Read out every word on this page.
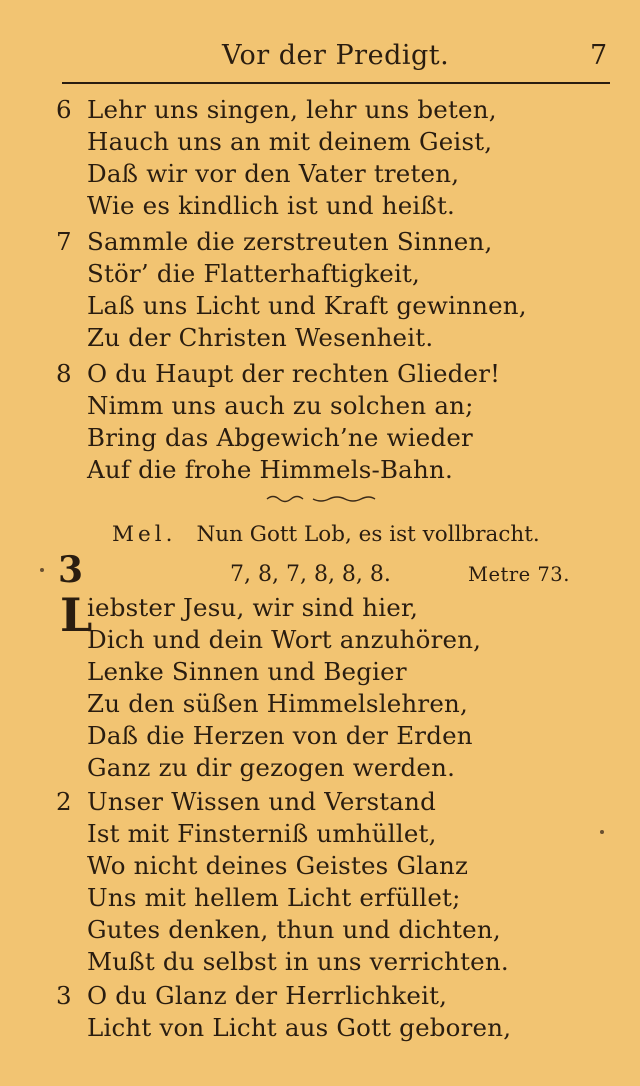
Vor der Predigt.	7
6 Lehr uns singen, lehr uns beten,
Hauch uns an mit deinem Geist,
Daß wir vor den Vater treten,
Wie es kindlich ist und heißt.
7 Sammle die zerstreuten Sinnen,
Stör’ die Flatterhaftigkeit,
Laß uns Licht und Kraft gewinnen,
Zu der Christen Wesenheit.
8 O du Haupt der rechten Glieder!
Nimm uns auch zu solchen an;
Bring das Abgewich’ne wieder
Auf die frohe Himmels-Bahn.
Mel. Nun Gott Lob, es ist vollbracht.
3	7, 8, 7, 8, 8, 8.	Metre 73.
L
iebster Jesu, wir sind hier,
Dich und dein Wort anzuhören,
Lenke Sinnen und Begier
Zu den süßen Himmelslehren,
Daß die Herzen von der Erden
Ganz zu dir gezogen werden.
2 Unser Wissen und Verstand
Ist mit Finsterniß umhüllet,
Wo nicht deines Geistes Glanz
Uns mit hellem Licht erfüllet;
Gutes denken, thun und dichten,
Mußt du selbst in uns verrichten.
3 O du Glanz der Herrlichkeit,
Licht von Licht aus Gott geboren,
